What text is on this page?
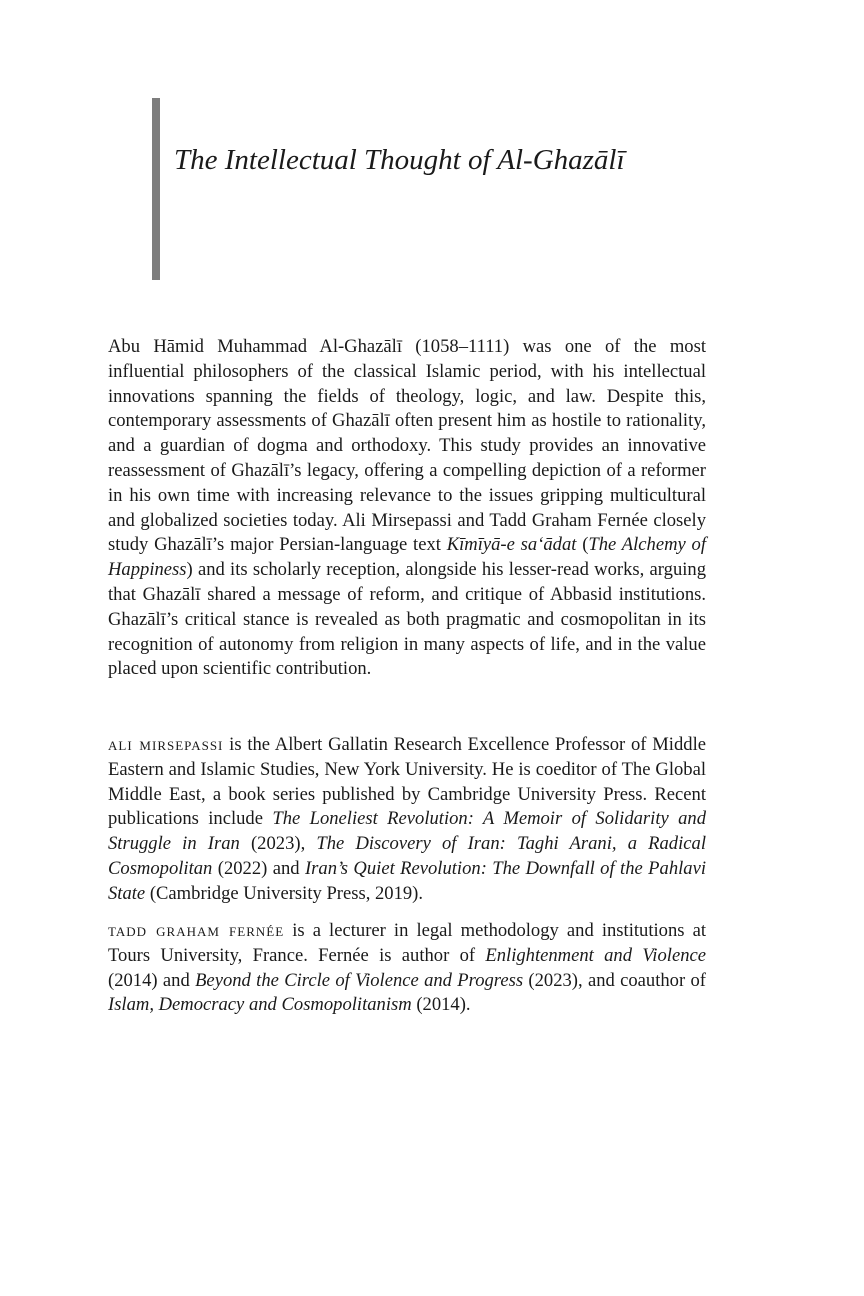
The Intellectual Thought of Al-Ghazālī

Abu Hāmid Muhammad Al-Ghazālī (1058–1111) was one of the most influential philosophers of the classical Islamic period, with his intellectual innovations spanning the fields of theology, logic, and law. Despite this, contemporary assessments of Ghazālī often present him as hostile to rationality, and a guardian of dogma and orthodoxy. This study provides an innovative reassessment of Ghazālī’s legacy, offering a compelling depiction of a reformer in his own time with increasing relevance to the issues gripping multicultural and globalized societies today. Ali Mirsepassi and Tadd Graham Fernée closely study Ghazālī’s major Persian-language text Kīmīyā-e sa‘ādat (The Alchemy of Happiness) and its scholarly reception, alongside his lesser-read works, arguing that Ghazālī shared a message of reform, and critique of Abbasid institutions. Ghazālī’s critical stance is revealed as both pragmatic and cosmopolitan in its recognition of autonomy from religion in many aspects of life, and in the value placed upon scientific contribution.

ali mirsepassi is the Albert Gallatin Research Excellence Professor of Middle Eastern and Islamic Studies, New York University. He is coeditor of The Global Middle East, a book series published by Cambridge University Press. Recent publications include The Loneliest Revolution: A Memoir of Solidarity and Struggle in Iran (2023), The Discovery of Iran: Taghi Arani, a Radical Cosmopolitan (2022) and Iran’s Quiet Revolution: The Downfall of the Pahlavi State (Cambridge University Press, 2019).

tadd graham fernée is a lecturer in legal methodology and institutions at Tours University, France. Fernée is author of Enlightenment and Violence (2014) and Beyond the Circle of Violence and Progress (2023), and coauthor of Islam, Democracy and Cosmopolitanism (2014).
